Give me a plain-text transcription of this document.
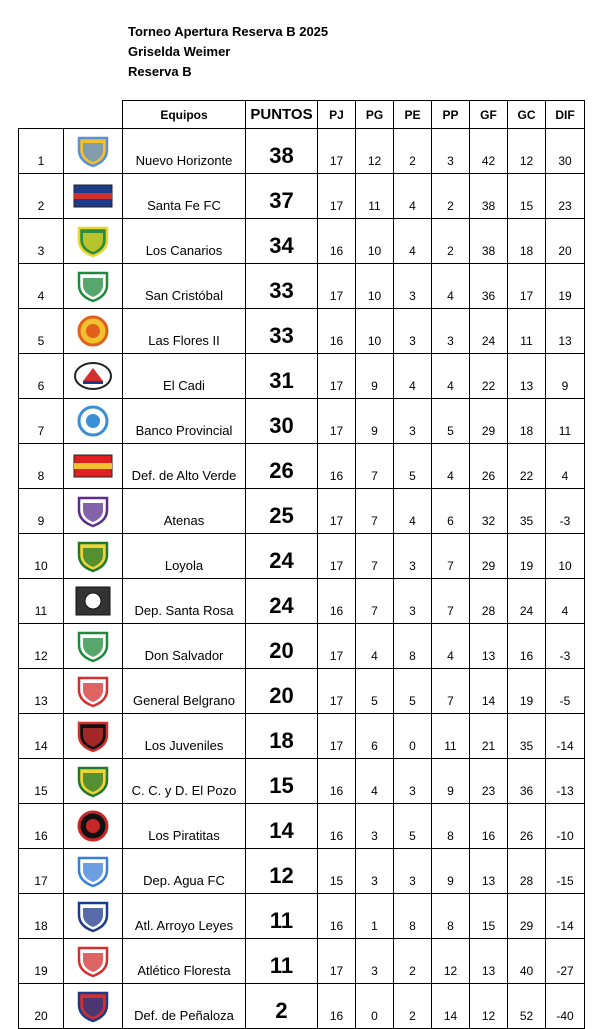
Torneo Apertura Reserva B 2025
Griselda Weimer
Reserva B
		Equipos	PUNTOS	PJ	PG	PE	PP	GF	GC	DIF
1		Nuevo Horizonte	38	17	12	2	3	42	12	30
2		Santa Fe FC	37	17	11	4	2	38	15	23
3		Los Canarios	34	16	10	4	2	38	18	20
4		San Cristóbal	33	17	10	3	4	36	17	19
5		Las Flores II	33	16	10	3	3	24	11	13
6		El Cadi	31	17	9	4	4	22	13	9
7		Banco Provincial	30	17	9	3	5	29	18	11
8		Def. de Alto Verde	26	16	7	5	4	26	22	4
9		Atenas	25	17	7	4	6	32	35	-3
10		Loyola	24	17	7	3	7	29	19	10
11		Dep. Santa Rosa	24	16	7	3	7	28	24	4
12		Don Salvador	20	17	4	8	4	13	16	-3
13		General Belgrano	20	17	5	5	7	14	19	-5
14		Los Juveniles	18	17	6	0	11	21	35	-14
15		C. C. y D. El Pozo	15	16	4	3	9	23	36	-13
16		Los Piratitas	14	16	3	5	8	16	26	-10
17		Dep. Agua FC	12	15	3	3	9	13	28	-15
18		Atl. Arroyo Leyes	11	16	1	8	8	15	29	-14
19		Atlético Floresta	11	17	3	2	12	13	40	-27
20		Def. de Peñaloza	2	16	0	2	14	12	52	-40
